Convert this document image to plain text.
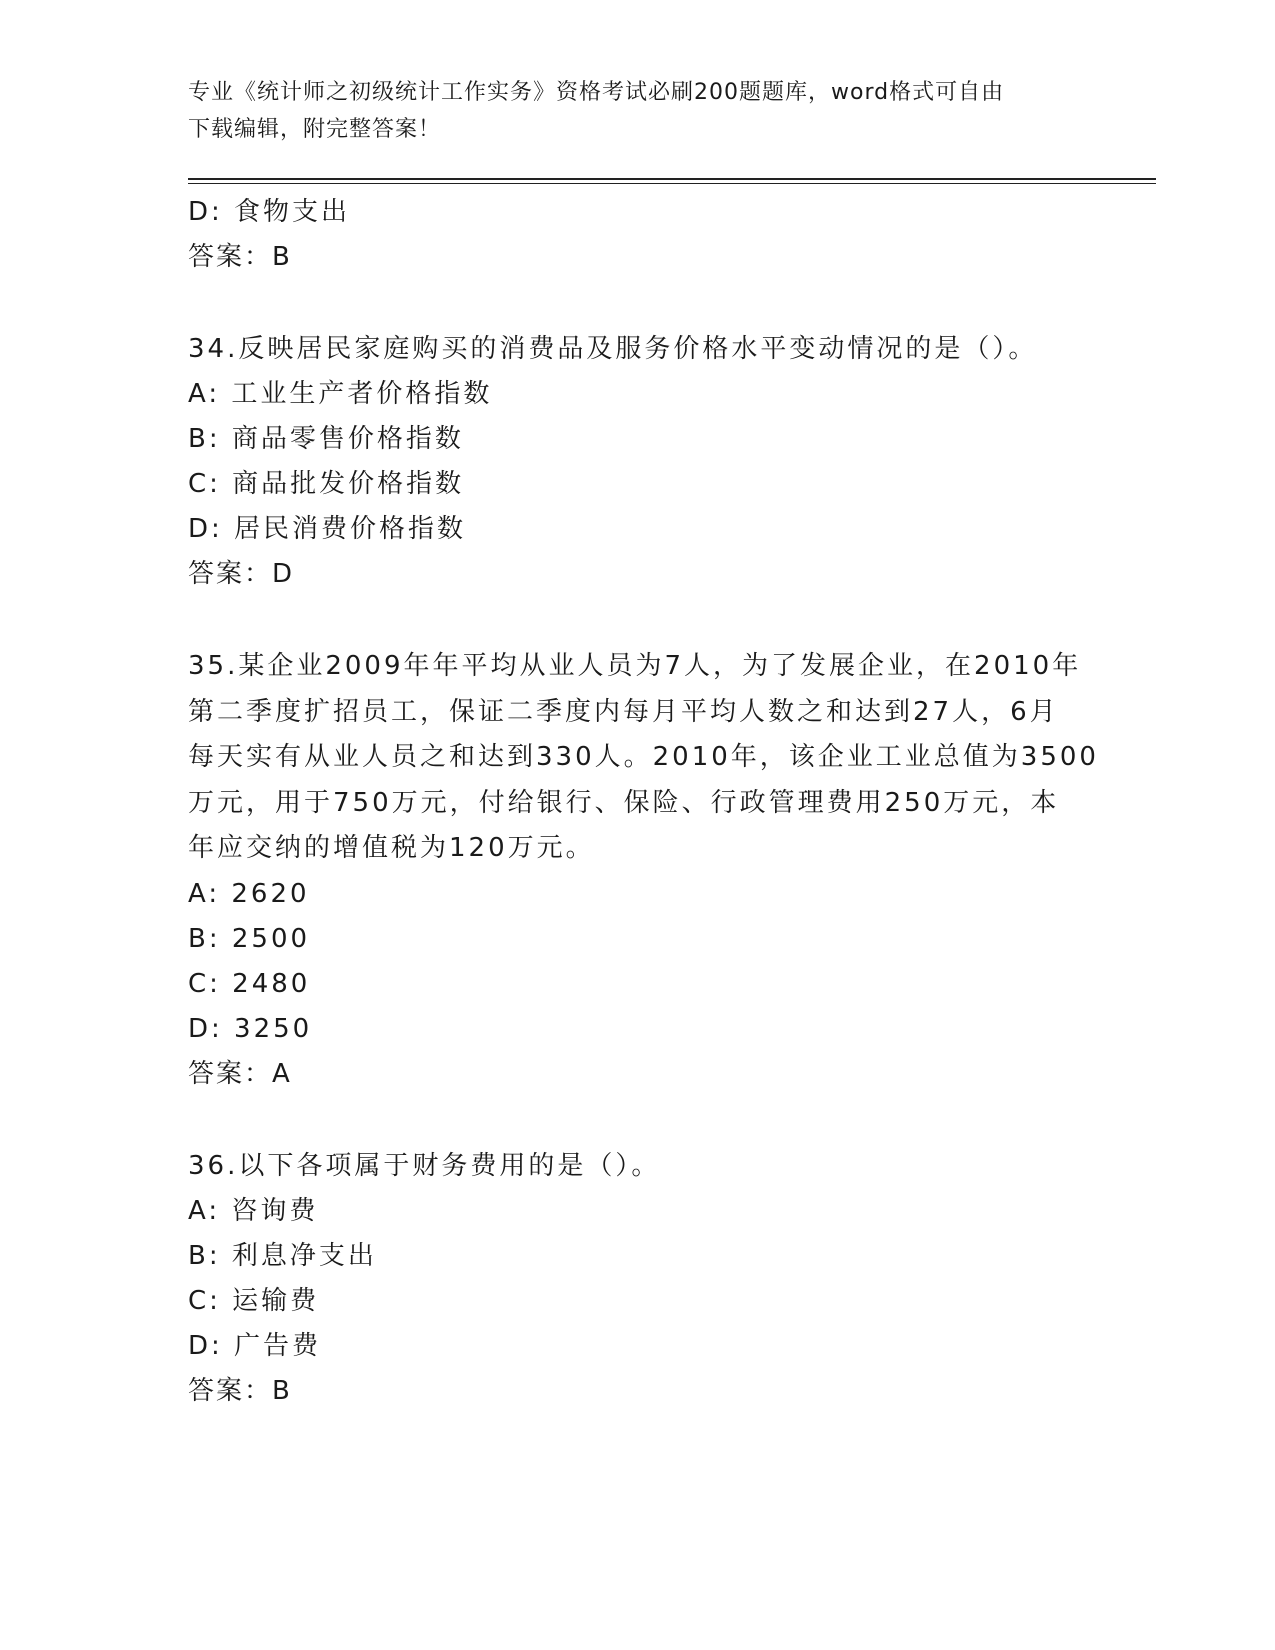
专业《统计师之初级统计工作实务》资格考试必刷200题题库，word格式可自由
下载编辑，附完整答案！
D: 食物支出
答案：B
34.反映居民家庭购买的消费品及服务价格水平变动情况的是（）。
A: 工业生产者价格指数
B: 商品零售价格指数
C: 商品批发价格指数
D: 居民消费价格指数
答案：D
35.某企业2009年年平均从业人员为7人，为了发展企业，在2010年
第二季度扩招员工，保证二季度内每月平均人数之和达到27人，6月
每天实有从业人员之和达到330人。2010年，该企业工业总值为3500
万元，用于750万元，付给银行、保险、行政管理费用250万元，本
年应交纳的增值税为120万元。
A: 2620
B: 2500
C: 2480
D: 3250
答案：A
36.以下各项属于财务费用的是（）。
A: 咨询费
B: 利息净支出
C: 运输费
D: 广告费
答案：B
